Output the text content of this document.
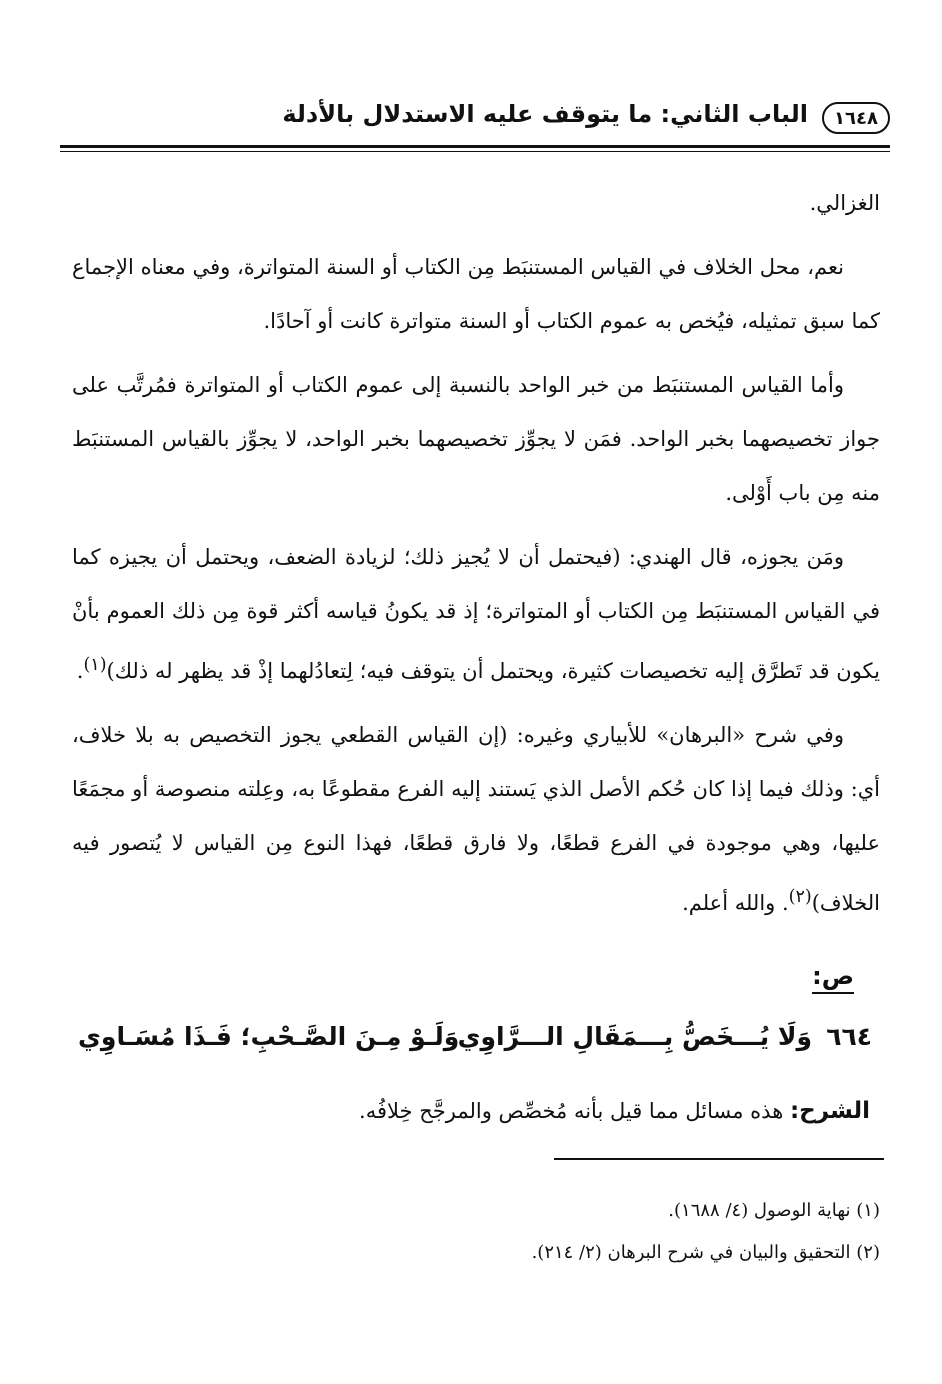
١٦٤٨
الباب الثاني: ما يتوقف عليه الاستدلال بالأدلة

الغزالي.

نعم، محل الخلاف في القياس المستنبَط مِن الكتاب أو السنة المتواترة، وفي معناه الإجماع كما سبق تمثيله، فيُخص به عموم الكتاب أو السنة متواترة كانت أو آحادًا.

وأما القياس المستنبَط من خبر الواحد بالنسبة إلى عموم الكتاب أو المتواترة فمُرتَّب على جواز تخصيصهما بخبر الواحد. فمَن لا يجوِّز تخصيصهما بخبر الواحد، لا يجوِّز بالقياس المستنبَط منه مِن باب أَوْلى.

ومَن يجوزه، قال الهندي: (فيحتمل أن لا يُجيز ذلك؛ لزيادة الضعف، ويحتمل أن يجيزه كما في القياس المستنبَط مِن الكتاب أو المتواترة؛ إذ قد يكونُ قياسه أكثر قوة مِن ذلك العموم بأنْ يكون قد تَطرَّق إليه تخصيصات كثيرة، ويحتمل أن يتوقف فيه؛ لِتعادُلهما إذْ قد يظهر له ذلك)$^{(١)}$.

وفي شرح «البرهان» للأبياري وغيره: (إن القياس القطعي يجوز التخصيص به بلا خلاف، أي: وذلك فيما إذا كان حُكم الأصل الذي يَستند إليه الفرع مقطوعًا به، وعِلته منصوصة أو مجمَعًا عليها، وهي موجودة في الفرع قطعًا، ولا فارق قطعًا، فهذا النوع مِن القياس لا يُتصور فيه الخلاف)$^{(٢)}$. والله أعلم.

ص:
٦٦٤
وَلَا يُـــخَصُّ بِـــمَقَالِ الـــرَّاوِي
وَلَـوْ مِـنَ الصَّـحْبِ؛ فَـذَا مُسَـاوِي
الشرح: هذه مسائل مما قيل بأنه مُخصِّص والمرجَّح خِلافُه.
(١) نهاية الوصول (٤/ ١٦٨٨).
(٢) التحقيق والبيان في شرح البرهان (٢/ ٢١٤).
